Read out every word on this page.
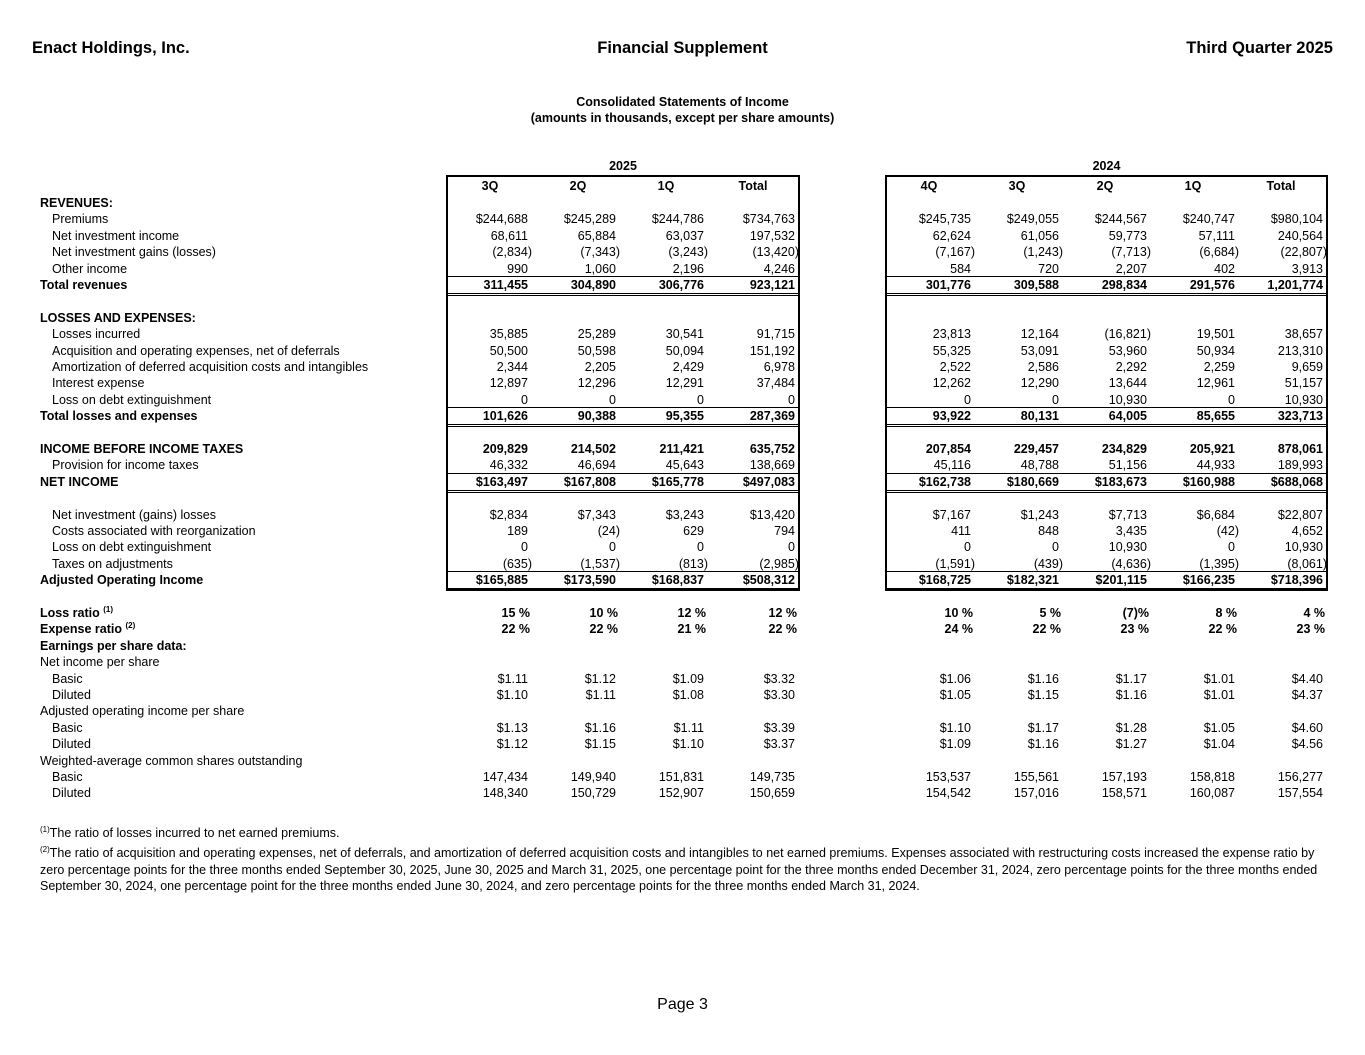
Enact Holdings, Inc.	Financial Supplement	Third Quarter 2025
Consolidated Statements of Income
(amounts in thousands, except per share amounts)
2025	2024
3Q	2Q	1Q	Total	4Q	3Q	2Q	1Q	Total
REVENUES:
Premiums	$244,688	$245,289	$244,786	$734,763	$245,735	$249,055	$244,567	$240,747	$980,104
Net investment income	68,611	65,884	63,037	197,532	62,624	61,056	59,773	57,111	240,564
Net investment gains (losses)	(2,834)	(7,343)	(3,243)	(13,420)	(7,167)	(1,243)	(7,713)	(6,684)	(22,807)
Other income	990	1,060	2,196	4,246	584	720	2,207	402	3,913
Total revenues	311,455	304,890	306,776	923,121	301,776	309,588	298,834	291,576	1,201,774
LOSSES AND EXPENSES:
Losses incurred	35,885	25,289	30,541	91,715	23,813	12,164	(16,821)	19,501	38,657
Acquisition and operating expenses, net of deferrals	50,500	50,598	50,094	151,192	55,325	53,091	53,960	50,934	213,310
Amortization of deferred acquisition costs and intangibles	2,344	2,205	2,429	6,978	2,522	2,586	2,292	2,259	9,659
Interest expense	12,897	12,296	12,291	37,484	12,262	12,290	13,644	12,961	51,157
Loss on debt extinguishment	0	0	0	0	0	0	10,930	0	10,930
Total losses and expenses	101,626	90,388	95,355	287,369	93,922	80,131	64,005	85,655	323,713
INCOME BEFORE INCOME TAXES	209,829	214,502	211,421	635,752	207,854	229,457	234,829	205,921	878,061
Provision for income taxes	46,332	46,694	45,643	138,669	45,116	48,788	51,156	44,933	189,993
NET INCOME	$163,497	$167,808	$165,778	$497,083	$162,738	$180,669	$183,673	$160,988	$688,068
Net investment (gains) losses	$2,834	$7,343	$3,243	$13,420	$7,167	$1,243	$7,713	$6,684	$22,807
Costs associated with reorganization	189	(24)	629	794	411	848	3,435	(42)	4,652
Loss on debt extinguishment	0	0	0	0	0	0	10,930	0	10,930
Taxes on adjustments	(635)	(1,537)	(813)	(2,985)	(1,591)	(439)	(4,636)	(1,395)	(8,061)
Adjusted Operating Income	$165,885	$173,590	$168,837	$508,312	$168,725	$182,321	$201,115	$166,235	$718,396
Loss ratio $^{(1)}$	15 %	10 %	12 %	12 %	10 %	5 %	(7)%	8 %	4 %
Expense ratio $^{(2)}$	22 %	22 %	21 %	22 %	24 %	22 %	23 %	22 %	23 %
Earnings per share data:
Net income per share
Basic	$1.11	$1.12	$1.09	$3.32	$1.06	$1.16	$1.17	$1.01	$4.40
Diluted	$1.10	$1.11	$1.08	$3.30	$1.05	$1.15	$1.16	$1.01	$4.37
Adjusted operating income per share
Basic	$1.13	$1.16	$1.11	$3.39	$1.10	$1.17	$1.28	$1.05	$4.60
Diluted	$1.12	$1.15	$1.10	$3.37	$1.09	$1.16	$1.27	$1.04	$4.56
Weighted-average common shares outstanding
Basic	147,434	149,940	151,831	149,735	153,537	155,561	157,193	158,818	156,277
Diluted	148,340	150,729	152,907	150,659	154,542	157,016	158,571	160,087	157,554
$^{(1)}$The ratio of losses incurred to net earned premiums.
$^{(2)}$The ratio of acquisition and operating expenses, net of deferrals, and amortization of deferred acquisition costs and intangibles to net earned premiums. Expenses associated with restructuring costs increased the expense ratio by zero percentage points for the three months ended September 30, 2025, June 30, 2025 and March 31, 2025, one percentage point for the three months ended December 31, 2024, zero percentage points for the three months ended September 30, 2024, one percentage point for the three months ended June 30, 2024, and zero percentage points for the three months ended March 31, 2024.
Page 3
